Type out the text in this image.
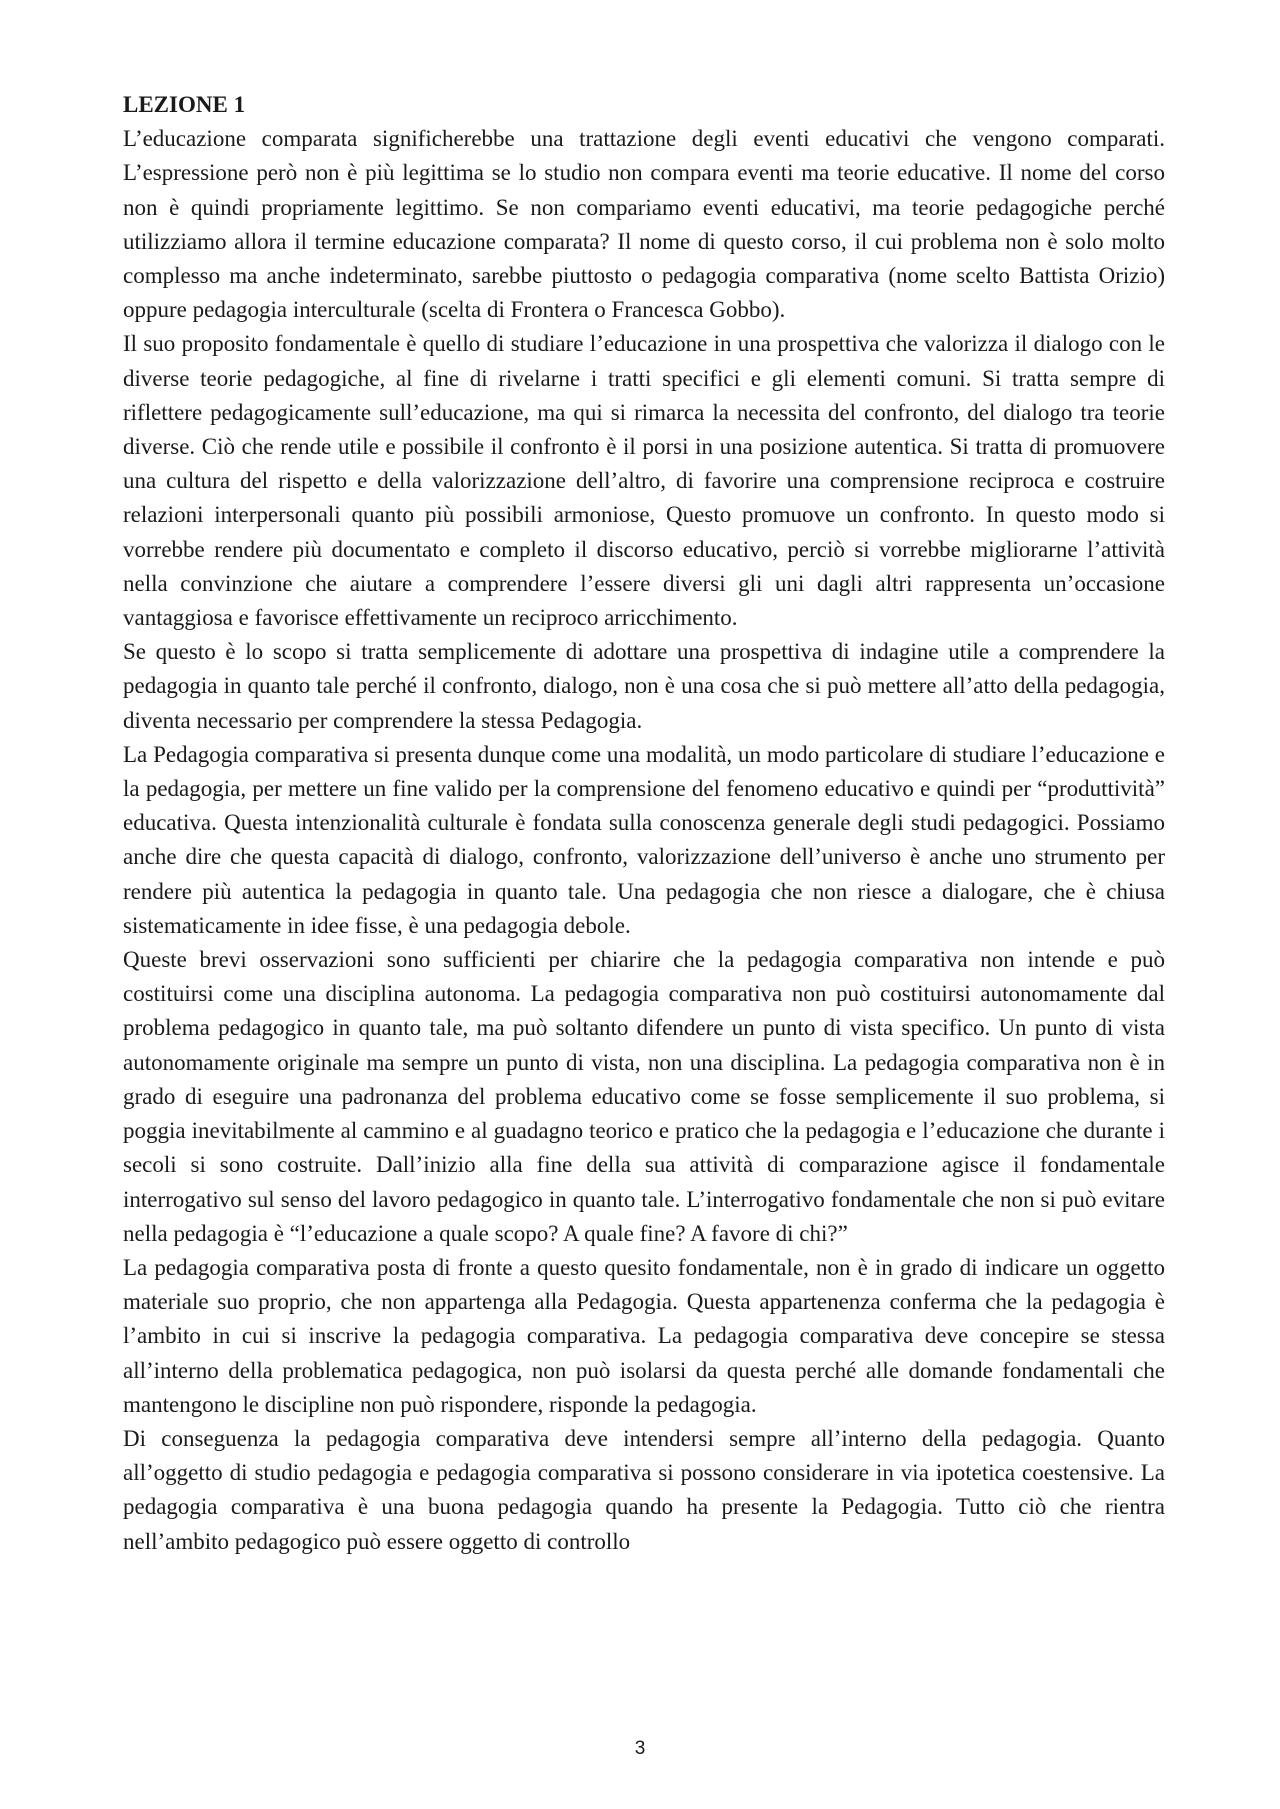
LEZIONE 1

L’educazione comparata significherebbe una trattazione degli eventi educativi che vengono comparati. L’espressione però non è più legittima se lo studio non compara eventi ma teorie educative. Il nome del corso non è quindi propriamente legittimo. Se non compariamo eventi educativi, ma teorie pedagogiche perché utilizziamo allora il termine educazione comparata? Il nome di questo corso, il cui problema non è solo molto complesso ma anche indeterminato, sarebbe piuttosto o pedagogia comparativa (nome scelto Battista Orizio) oppure pedagogia interculturale (scelta di Frontera o Francesca Gobbo).

Il suo proposito fondamentale è quello di studiare l’educazione in una prospettiva che valorizza il dialogo con le diverse teorie pedagogiche, al fine di rivelarne i tratti specifici e gli elementi comuni. Si tratta sempre di riflettere pedagogicamente sull’educazione, ma qui si rimarca la necessita del confronto, del dialogo tra teorie diverse. Ciò che rende utile e possibile il confronto è il porsi in una posizione autentica. Si tratta di promuovere una cultura del rispetto e della valorizzazione dell’altro, di favorire una comprensione reciproca e costruire relazioni interpersonali quanto più possibili armoniose, Questo promuove un confronto. In questo modo si vorrebbe rendere più documentato e completo il discorso educativo, perciò si vorrebbe migliorarne l’attività nella convinzione che aiutare a comprendere l’essere diversi gli uni dagli altri rappresenta un’occasione vantaggiosa e favorisce effettivamente un reciproco arricchimento.

Se questo è lo scopo si tratta semplicemente di adottare una prospettiva di indagine utile a comprendere la pedagogia in quanto tale perché il confronto, dialogo, non è una cosa che si può mettere all’atto della pedagogia, diventa necessario per comprendere la stessa Pedagogia.

La Pedagogia comparativa si presenta dunque come una modalità, un modo particolare di studiare l’educazione e la pedagogia, per mettere un fine valido per la comprensione del fenomeno educativo e quindi per “produttività” educativa. Questa intenzionalità culturale è fondata sulla conoscenza generale degli studi pedagogici. Possiamo anche dire che questa capacità di dialogo, confronto, valorizzazione dell’universo è anche uno strumento per rendere più autentica la pedagogia in quanto tale. Una pedagogia che non riesce a dialogare, che è chiusa sistematicamente in idee fisse, è una pedagogia debole.

Queste brevi osservazioni sono sufficienti per chiarire che la pedagogia comparativa non intende e può costituirsi come una disciplina autonoma. La pedagogia comparativa non può costituirsi autonomamente dal problema pedagogico in quanto tale, ma può soltanto difendere un punto di vista specifico. Un punto di vista autonomamente originale ma sempre un punto di vista, non una disciplina. La pedagogia comparativa non è in grado di eseguire una padronanza del problema educativo come se fosse semplicemente il suo problema, si poggia inevitabilmente al cammino e al guadagno teorico e pratico che la pedagogia e l’educazione che durante i secoli si sono costruite. Dall’inizio alla fine della sua attività di comparazione agisce il fondamentale interrogativo sul senso del lavoro pedagogico in quanto tale. L’interrogativo fondamentale che non si può evitare nella pedagogia è “l’educazione a quale scopo? A quale fine? A favore di chi?”

La pedagogia comparativa posta di fronte a questo quesito fondamentale, non è in grado di indicare un oggetto materiale suo proprio, che non appartenga alla Pedagogia. Questa appartenenza conferma che la pedagogia è l’ambito in cui si inscrive la pedagogia comparativa. La pedagogia comparativa deve concepire se stessa all’interno della problematica pedagogica, non può isolarsi da questa perché alle domande fondamentali che mantengono le discipline non può rispondere, risponde la pedagogia.

Di conseguenza la pedagogia comparativa deve intendersi sempre all’interno della pedagogia. Quanto all’oggetto di studio pedagogia e pedagogia comparativa si possono considerare in via ipotetica coestensive. La pedagogia comparativa è una buona pedagogia quando ha presente la Pedagogia. Tutto ciò che rientra nell’ambito pedagogico può essere oggetto di controllo

3
